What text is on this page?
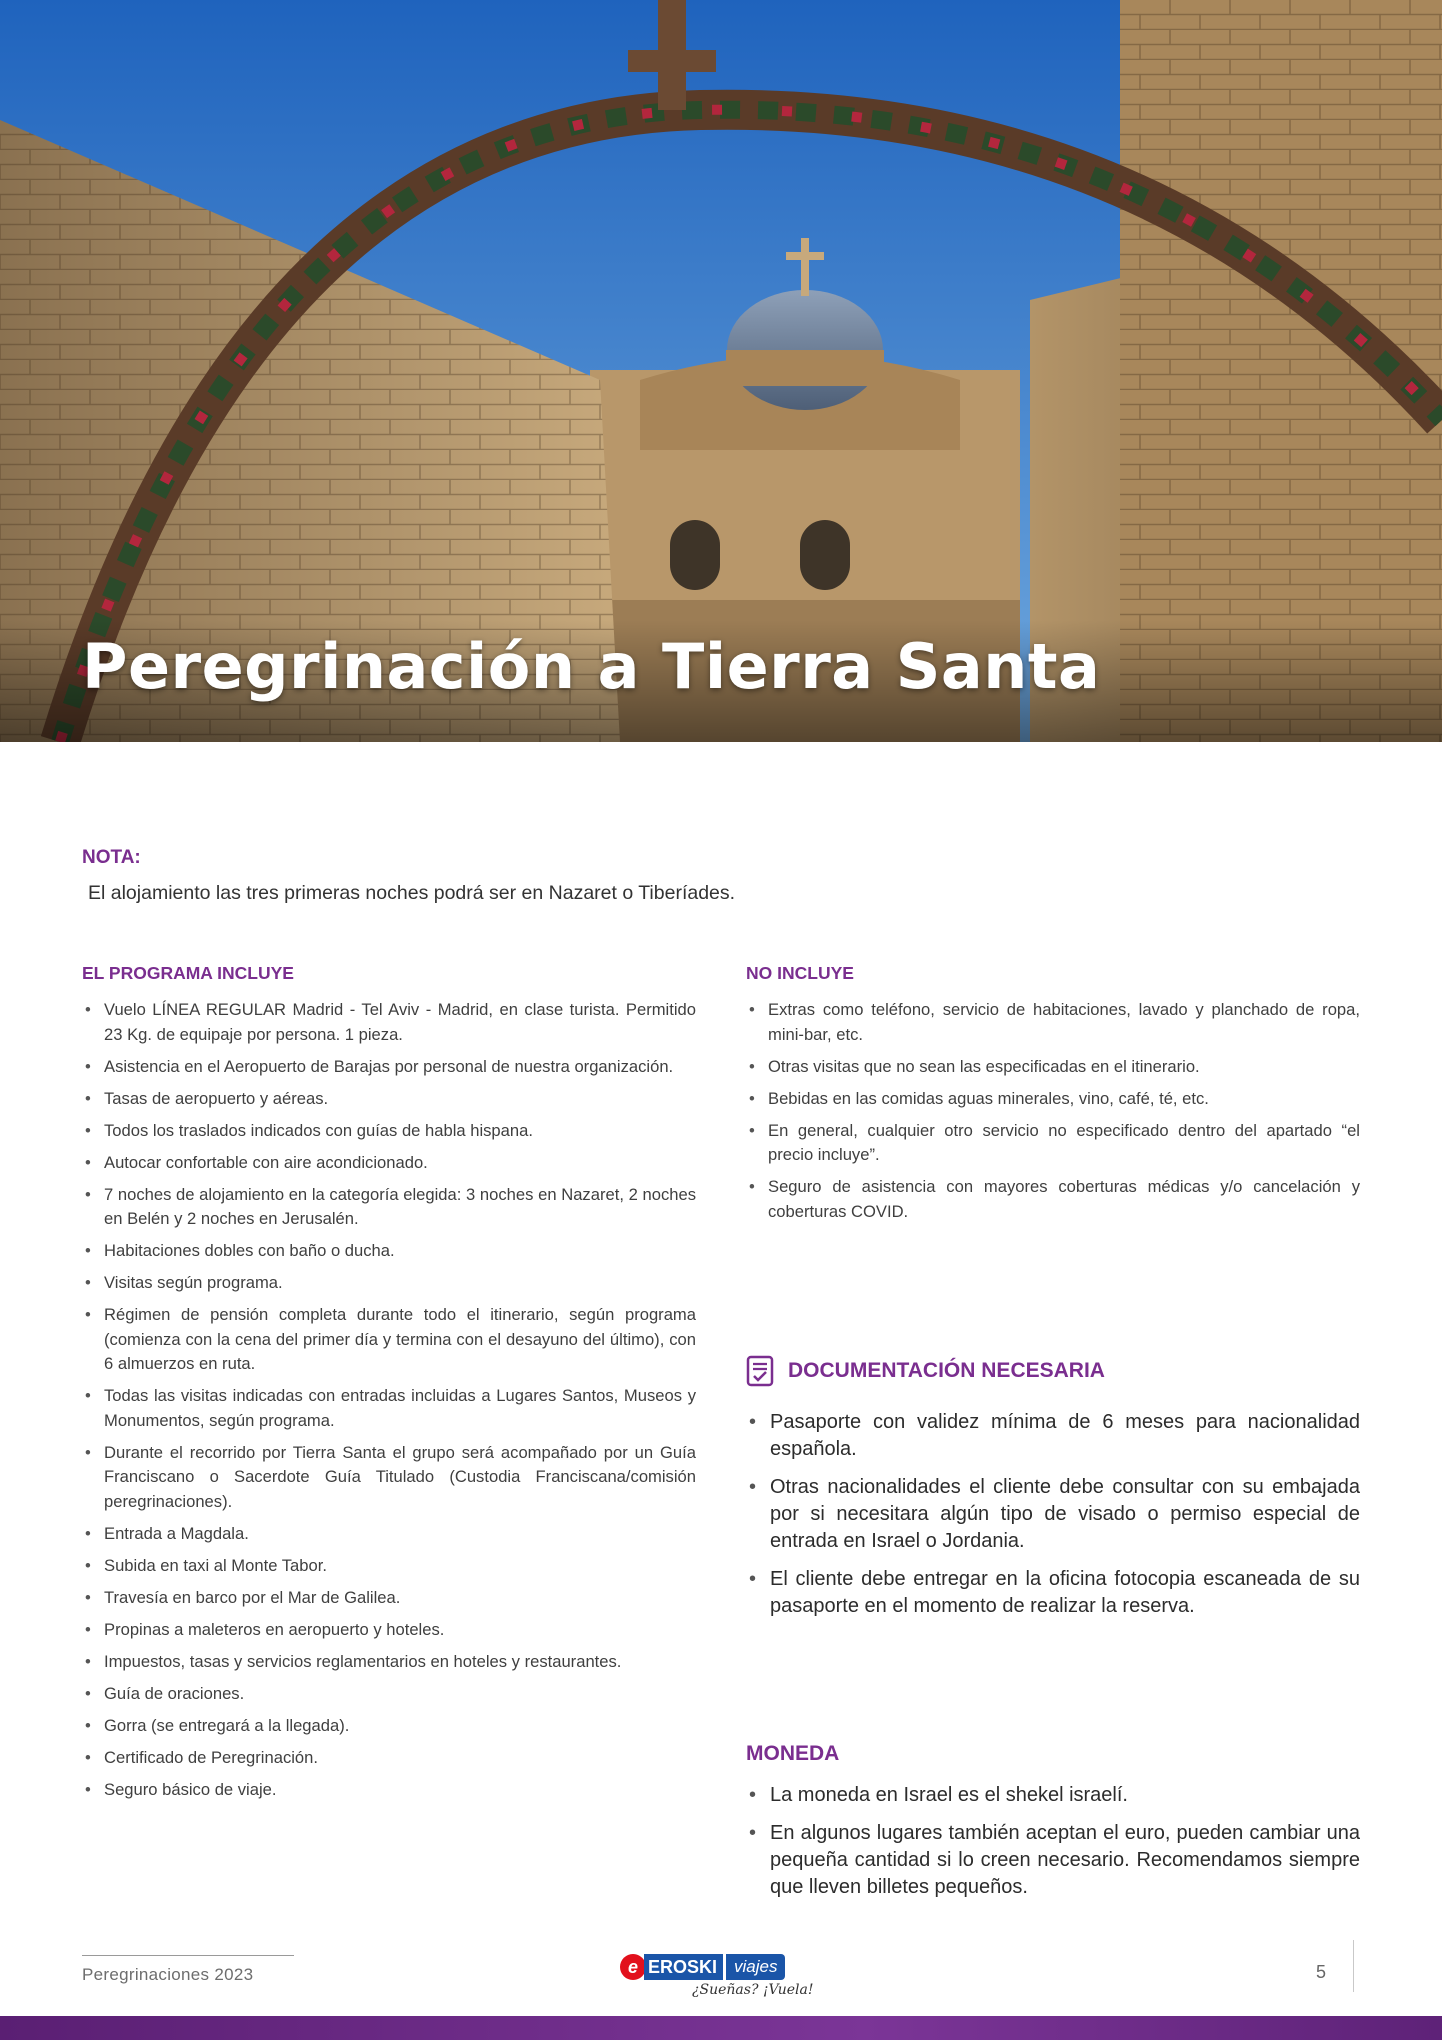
Peregrinación a Tierra Santa
NOTA:

El alojamiento las tres primeras noches podrá ser en Nazaret o Tiberíades.

EL PROGRAMA INCLUYE
• Vuelo LÍNEA REGULAR Madrid - Tel Aviv - Madrid, en clase turista. Permitido 23 Kg. de equipaje por persona. 1 pieza.
• Asistencia en el Aeropuerto de Barajas por personal de nuestra organización.
• Tasas de aeropuerto y aéreas.
• Todos los traslados indicados con guías de habla hispana.
• Autocar confortable con aire acondicionado.
• 7 noches de alojamiento en la categoría elegida: 3 noches en Nazaret, 2 noches en Belén y 2 noches en Jerusalén.
• Habitaciones dobles con baño o ducha.
• Visitas según programa.
• Régimen de pensión completa durante todo el itinerario, según programa (comienza con la cena del primer día y termina con el desayuno del último), con 6 almuerzos en ruta.
• Todas las visitas indicadas con entradas incluidas a Lugares Santos, Museos y Monumentos, según programa.
• Durante el recorrido por Tierra Santa el grupo será acompañado por un Guía Franciscano o Sacerdote Guía Titulado (Custodia Franciscana/comisión peregrinaciones).
• Entrada a Magdala.
• Subida en taxi al Monte Tabor.
• Travesía en barco por el Mar de Galilea.
• Propinas a maleteros en aeropuerto y hoteles.
• Impuestos, tasas y servicios reglamentarios en hoteles y restaurantes.
• Guía de oraciones.
• Gorra (se entregará a la llegada).
• Certificado de Peregrinación.
• Seguro básico de viaje.
NO INCLUYE
• Extras como teléfono, servicio de habitaciones, lavado y planchado de ropa, mini-bar, etc.
• Otras visitas que no sean las especificadas en el itinerario.
• Bebidas en las comidas aguas minerales, vino, café, té, etc.
• En general, cualquier otro servicio no especificado dentro del apartado “el precio incluye”.
• Seguro de asistencia con mayores coberturas médicas y/o cancelación y coberturas COVID.
DOCUMENTACIÓN NECESARIA
• Pasaporte con validez mínima de 6 meses para nacionalidad española.
• Otras nacionalidades el cliente debe consultar con su embajada por si necesitara algún tipo de visado o permiso especial de entrada en Israel o Jordania.
• El cliente debe entregar en la oficina fotocopia escaneada de su pasaporte en el momento de realizar la reserva.
MONEDA
• La moneda en Israel es el shekel israelí.
• En algunos lugares también aceptan el euro, pueden cambiar una pequeña cantidad si lo creen necesario. Recomendamos siempre que lleven billetes pequeños.

Peregrinaciones 2023	e EROSKI	viajes
¿Sueñas? ¡Vuela!

5
